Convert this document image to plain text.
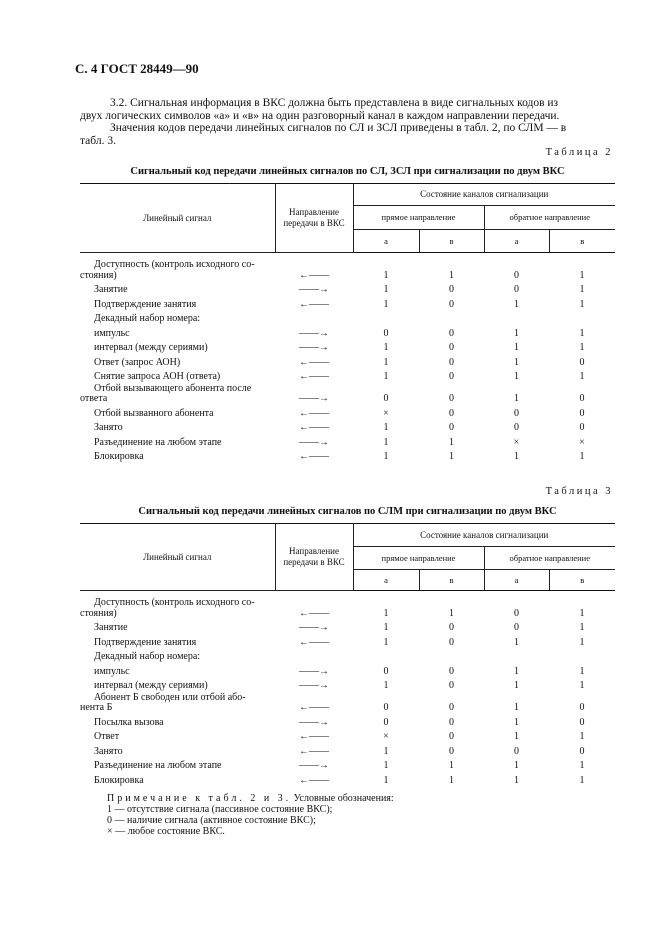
С. 4 ГОСТ 28449—90
3.2. Сигнальная информация в ВКС должна быть представлена в виде сигнальных кодов из
двух логических символов «а» и «в» на один разговорный канал в каждом направлении передачи.
Значения кодов передачи линейных сигналов по СЛ и ЗСЛ приведены в табл. 2, по СЛМ — в
табл. 3.
Таблица 2
Сигнальный код передачи линейных сигналов по СЛ, ЗСЛ при сигнализации по двум ВКС
Линейный сигнал	Направление передачи в ВКС	Состояние каналов сигнализации			
		прямое направление		обратное направление	
		а	в	а	в
Доступность (контроль исходного со-
стояния)	←——	1	1	0	1
Занятие	——→	1	0	0	1
Подтверждение занятия	←——	1	0	1	1
Декадный набор номера:					
импульс	——→	0	0	1	1
интервал (между сериями)	——→	1	0	1	1
Ответ (запрос АОН)	←——	1	0	1	0
Снятие запроса АОН (ответа)	←——	1	0	1	1
Отбой вызывающего абонента после
ответа	——→	0	0	1	0
Отбой вызванного абонента	←——	×	0	0	0
Занято	←——	1	0	0	0
Разъединение на любом этапе	——→	1	1	×	×
Блокировка	←——	1	1	1	1
Таблица 3
Сигнальный код передачи линейных сигналов по СЛМ при сигнализации по двум ВКС
Линейный сигнал	Направление передачи в ВКС	Состояние каналов сигнализации			
		прямое направление		обратное направление	
		а	в	а	в
Доступность (контроль исходного со-
стояния)	←——	1	1	0	1
Занятие	——→	1	0	0	1
Подтверждение занятия	←——	1	0	1	1
Декадный набор номера:					
импульс	——→	0	0	1	1
интервал (между сериями)	——→	1	0	1	1
Абонент Б свободен или отбой або-
нента Б	←——	0	0	1	0
Посылка вызова	——→	0	0	1	0
Ответ	←——	×	0	1	1
Занято	←——	1	0	0	0
Разъединение на любом этапе	——→	1	1	1	1
Блокировка	←——	1	1	1	1
Примечание к табл. 2 и 3. Условные обозначения:
1 — отсутствие сигнала (пассивное состояние ВКС);
0 — наличие сигнала (активное состояние ВКС);
× — любое состояние ВКС.
